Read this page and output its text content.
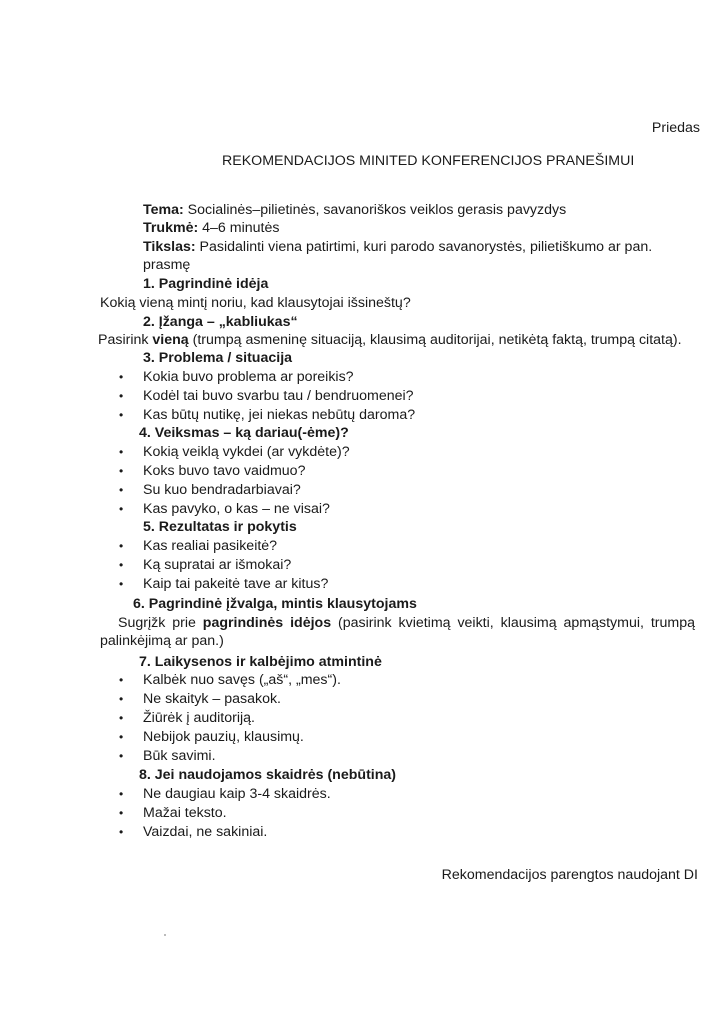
Priedas
REKOMENDACIJOS MINITED KONFERENCIJOS PRANEŠIMUI
Tema: Socialinės–pilietinės, savanoriškos veiklos gerasis pavyzdys
Trukmė: 4–6 minutės
Tikslas: Pasidalinti viena patirtimi, kuri parodo savanorystės, pilietiškumo ar pan.
prasmę
1. Pagrindinė idėja
Kokią vieną mintį noriu, kad klausytojai išsineštų?
2. Įžanga – „kabliukas“
Pasirink vieną (trumpą asmeninę situaciją, klausimą auditorijai, netikėtą faktą, trumpą citatą).
3. Problema / situacija
• Kokia buvo problema ar poreikis?
• Kodėl tai buvo svarbu tau / bendruomenei?
• Kas būtų nutikę, jei niekas nebūtų daroma?
4. Veiksmas – ką dariau(-ėme)?
• Kokią veiklą vykdei (ar vykdėte)?
• Koks buvo tavo vaidmuo?
• Su kuo bendradarbiavai?
• Kas pavyko, o kas – ne visai?
5. Rezultatas ir pokytis
• Kas realiai pasikeitė?
• Ką supratai ar išmokai?
• Kaip tai pakeitė tave ar kitus?
6. Pagrindinė įžvalga, mintis klausytojams
Sugrįžk prie pagrindinės idėjos (pasirink kvietimą veikti, klausimą apmąstymui, trumpą palinkėjimą ar pan.)
7. Laikysenos ir kalbėjimo atmintinė
• Kalbėk nuo savęs („aš“, „mes“).
• Ne skaityk – pasakok.
• Žiūrėk į auditoriją.
• Nebijok pauzių, klausimų.
• Būk savimi.
8. Jei naudojamos skaidrės (nebūtina)
• Ne daugiau kaip 3-4 skaidrės.
• Mažai teksto.
• Vaizdai, ne sakiniai.
Rekomendacijos parengtos naudojant DI
